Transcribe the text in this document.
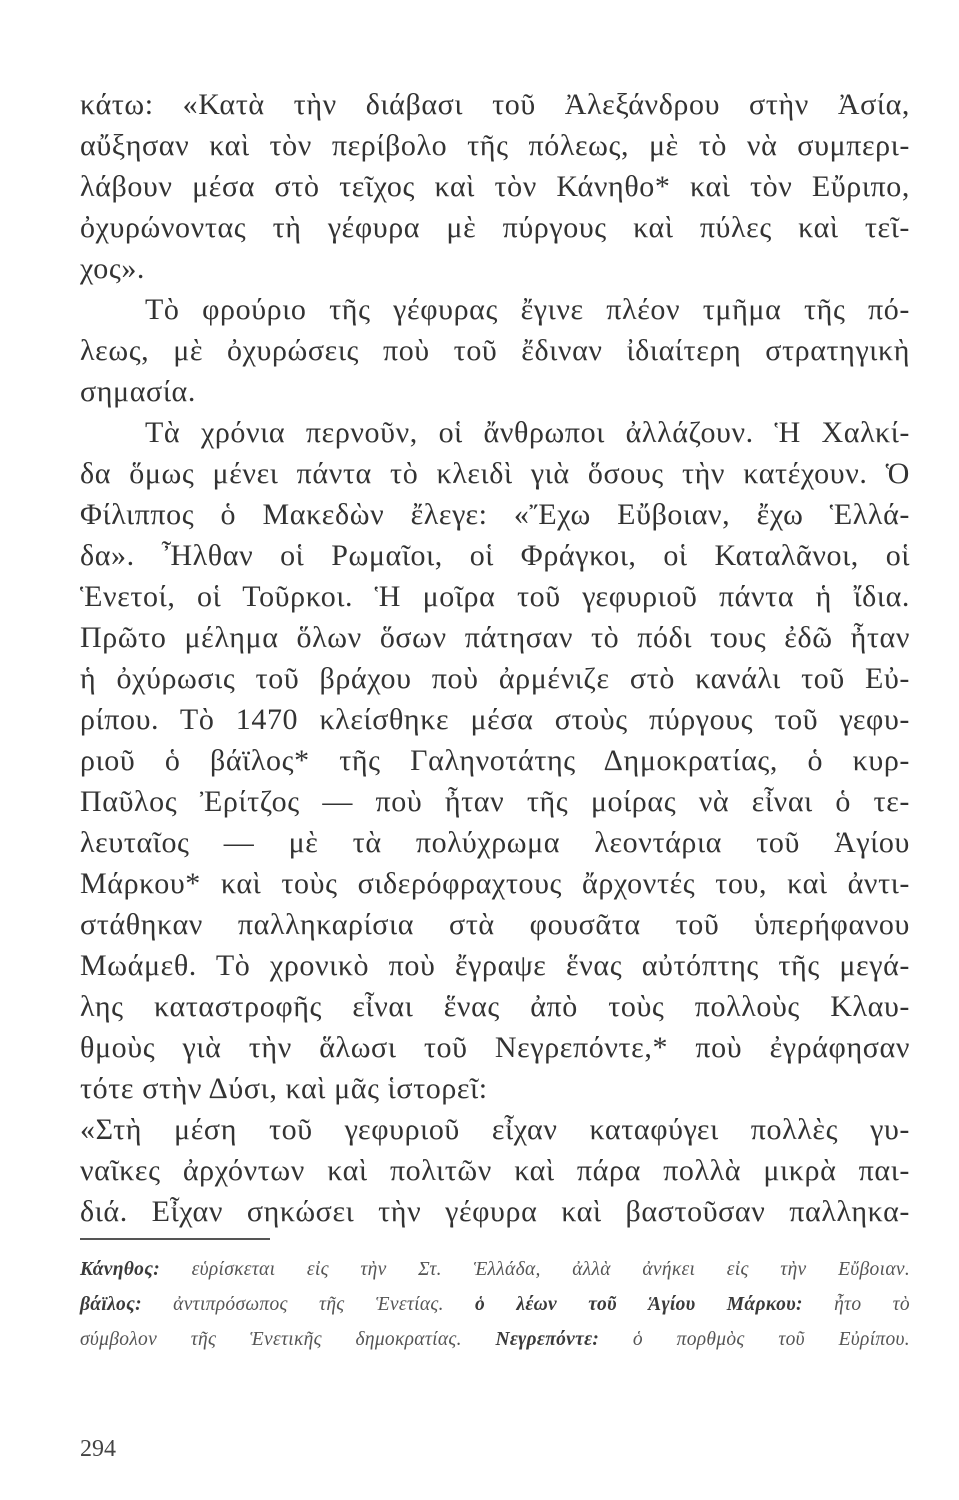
κάτω: «Κατὰ τὴν διάβασι τοῦ Ἀλεξάνδρου στὴν Ἀσία,
αὔξησαν καὶ τὸν περίβολο τῆς πόλεως, μὲ τὸ νὰ συμπερι-
λάβουν μέσα στὸ τεῖχος καὶ τὸν Κάνηθο* καὶ τὸν Εὔριπο,
ὀχυρώνοντας τὴ γέφυρα μὲ πύργους καὶ πύλες καὶ τεῖ-
χος».
Τὸ φρούριο τῆς γέφυρας ἔγινε πλέον τμῆμα τῆς πό-
λεως, μὲ ὀχυρώσεις ποὺ τοῦ ἔδιναν ἰδιαίτερη στρατηγικὴ
σημασία.
Τὰ χρόνια περνοῦν, οἱ ἄνθρωποι ἀλλάζουν. Ἡ Χαλκί-
δα ὅμως μένει πάντα τὸ κλειδὶ γιὰ ὅσους τὴν κατέχουν. Ὁ
Φίλιππος ὁ Μακεδὼν ἔλεγε: «Ἔχω Εὔβοιαν, ἔχω Ἑλλά-
δα». Ἦλθαν οἱ Ρωμαῖοι, οἱ Φράγκοι, οἱ Καταλᾶνοι, οἱ
Ἑνετοί, οἱ Τοῦρκοι. Ἡ μοῖρα τοῦ γεφυριοῦ πάντα ἡ ἴδια.
Πρῶτο μέλημα ὅλων ὅσων πάτησαν τὸ πόδι τους ἐδῶ ἦταν
ἡ ὀχύρωσις τοῦ βράχου ποὺ ἀρμένιζε στὸ κανάλι τοῦ Εὐ-
ρίπου. Τὸ 1470 κλείσθηκε μέσα στοὺς πύργους τοῦ γεφυ-
ριοῦ ὁ βάϊλος* τῆς Γαληνοτάτης Δημοκρατίας, ὁ κυρ-
Παῦλος Ἐρίτζος — ποὺ ἦταν τῆς μοίρας νὰ εἶναι ὁ τε-
λευταῖος — μὲ τὰ πολύχρωμα λεοντάρια τοῦ Ἁγίου
Μάρκου* καὶ τοὺς σιδερόφραχτους ἄρχοντές του, καὶ ἀντι-
στάθηκαν παλληκαρίσια στὰ φουσᾶτα τοῦ ὑπερήφανου
Μωάμεθ. Τὸ χρονικὸ ποὺ ἔγραψε ἕνας αὐτόπτης τῆς μεγά-
λης καταστροφῆς εἶναι ἕνας ἀπὸ τοὺς πολλοὺς Κλαυ-
θμοὺς γιὰ τὴν ἅλωσι τοῦ Νεγρεπόντε,* ποὺ ἐγράφησαν
τότε στὴν Δύσι, καὶ μᾶς ἱστορεῖ:
«Στὴ μέση τοῦ γεφυριοῦ εἶχαν καταφύγει πολλὲς γυ-
ναῖκες ἀρχόντων καὶ πολιτῶν καὶ πάρα πολλὰ μικρὰ παι-
διά. Εἶχαν σηκώσει τὴν γέφυρα καὶ βαστοῦσαν παλληκα-
Κάνηθος: εὑρίσκεται εἰς τὴν Στ. Ἑλλάδα, ἀλλὰ ἀνήκει εἰς τὴν Εὔβοιαν.
βάϊλος: ἀντιπρόσωπος τῆς Ἑνετίας. ὁ λέων τοῦ Ἁγίου Μάρκου: ἦτο τὸ
σύμβολον τῆς Ἑνετικῆς δημοκρατίας. Νεγρεπόντε: ὁ πορθμὸς τοῦ Εὐρίπου.
294
